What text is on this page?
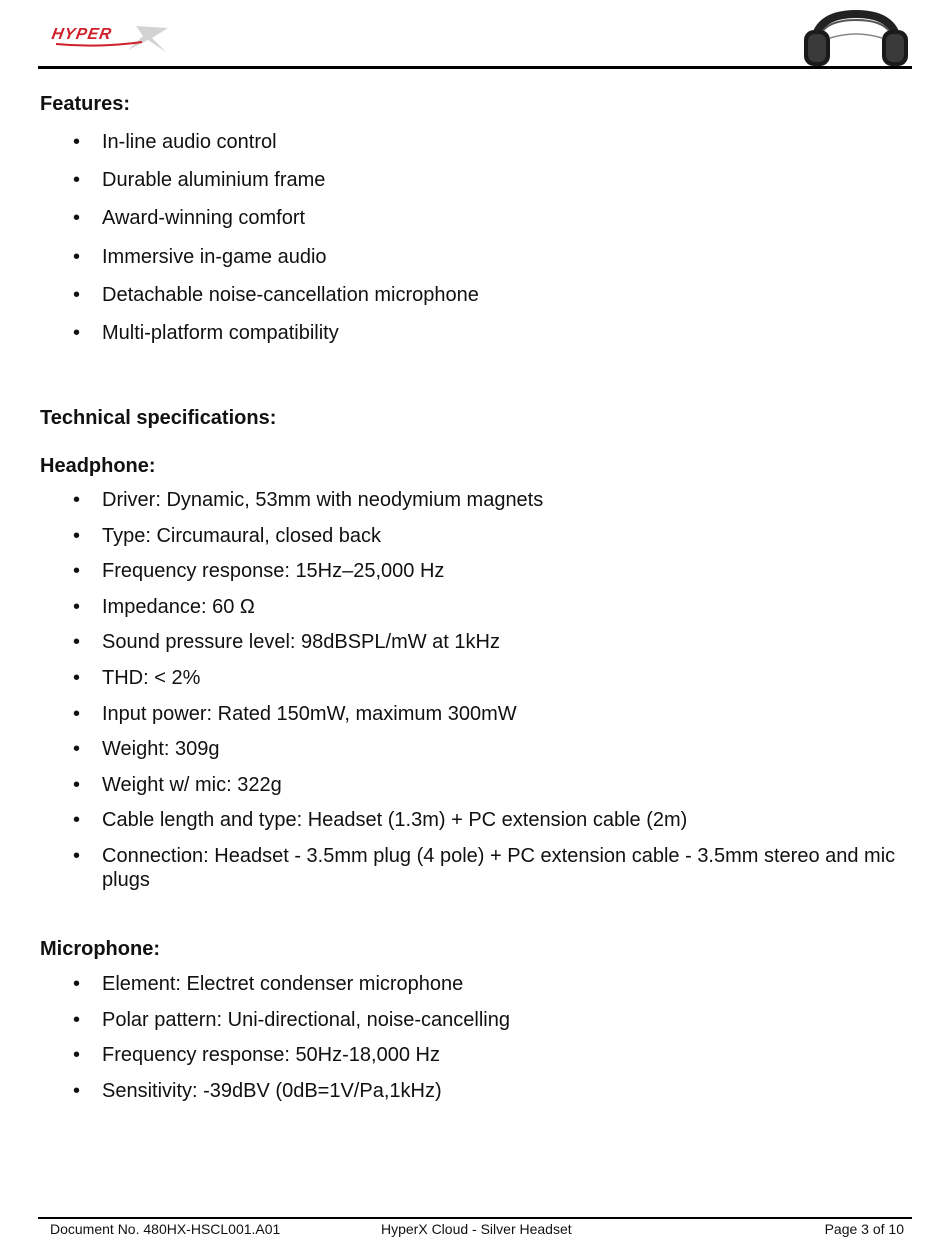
HYPER
Features:
• In-line audio control
• Durable aluminium frame
• Award-winning comfort
• Immersive in-game audio
• Detachable noise-cancellation microphone
• Multi-platform compatibility
Technical specifications:
Headphone:
• Driver: Dynamic, 53mm with neodymium magnets
• Type: Circumaural, closed back
• Frequency response: 15Hz–25,000 Hz
• Impedance: 60 Ω
• Sound pressure level: 98dBSPL/mW at 1kHz
• THD: < 2%
• Input power: Rated 150mW, maximum 300mW
• Weight: 309g
• Weight w/ mic: 322g
• Cable length and type: Headset (1.3m) + PC extension cable (2m)
• Connection: Headset - 3.5mm plug (4 pole) + PC extension cable - 3.5mm stereo and mic plugs
Microphone:
• Element: Electret condenser microphone
• Polar pattern: Uni-directional, noise-cancelling
• Frequency response: 50Hz-18,000 Hz
• Sensitivity: -39dBV (0dB=1V/Pa,1kHz)
Document No. 480HX-HSCL001.A01	HyperX Cloud - Silver Headset	Page 3 of 10
